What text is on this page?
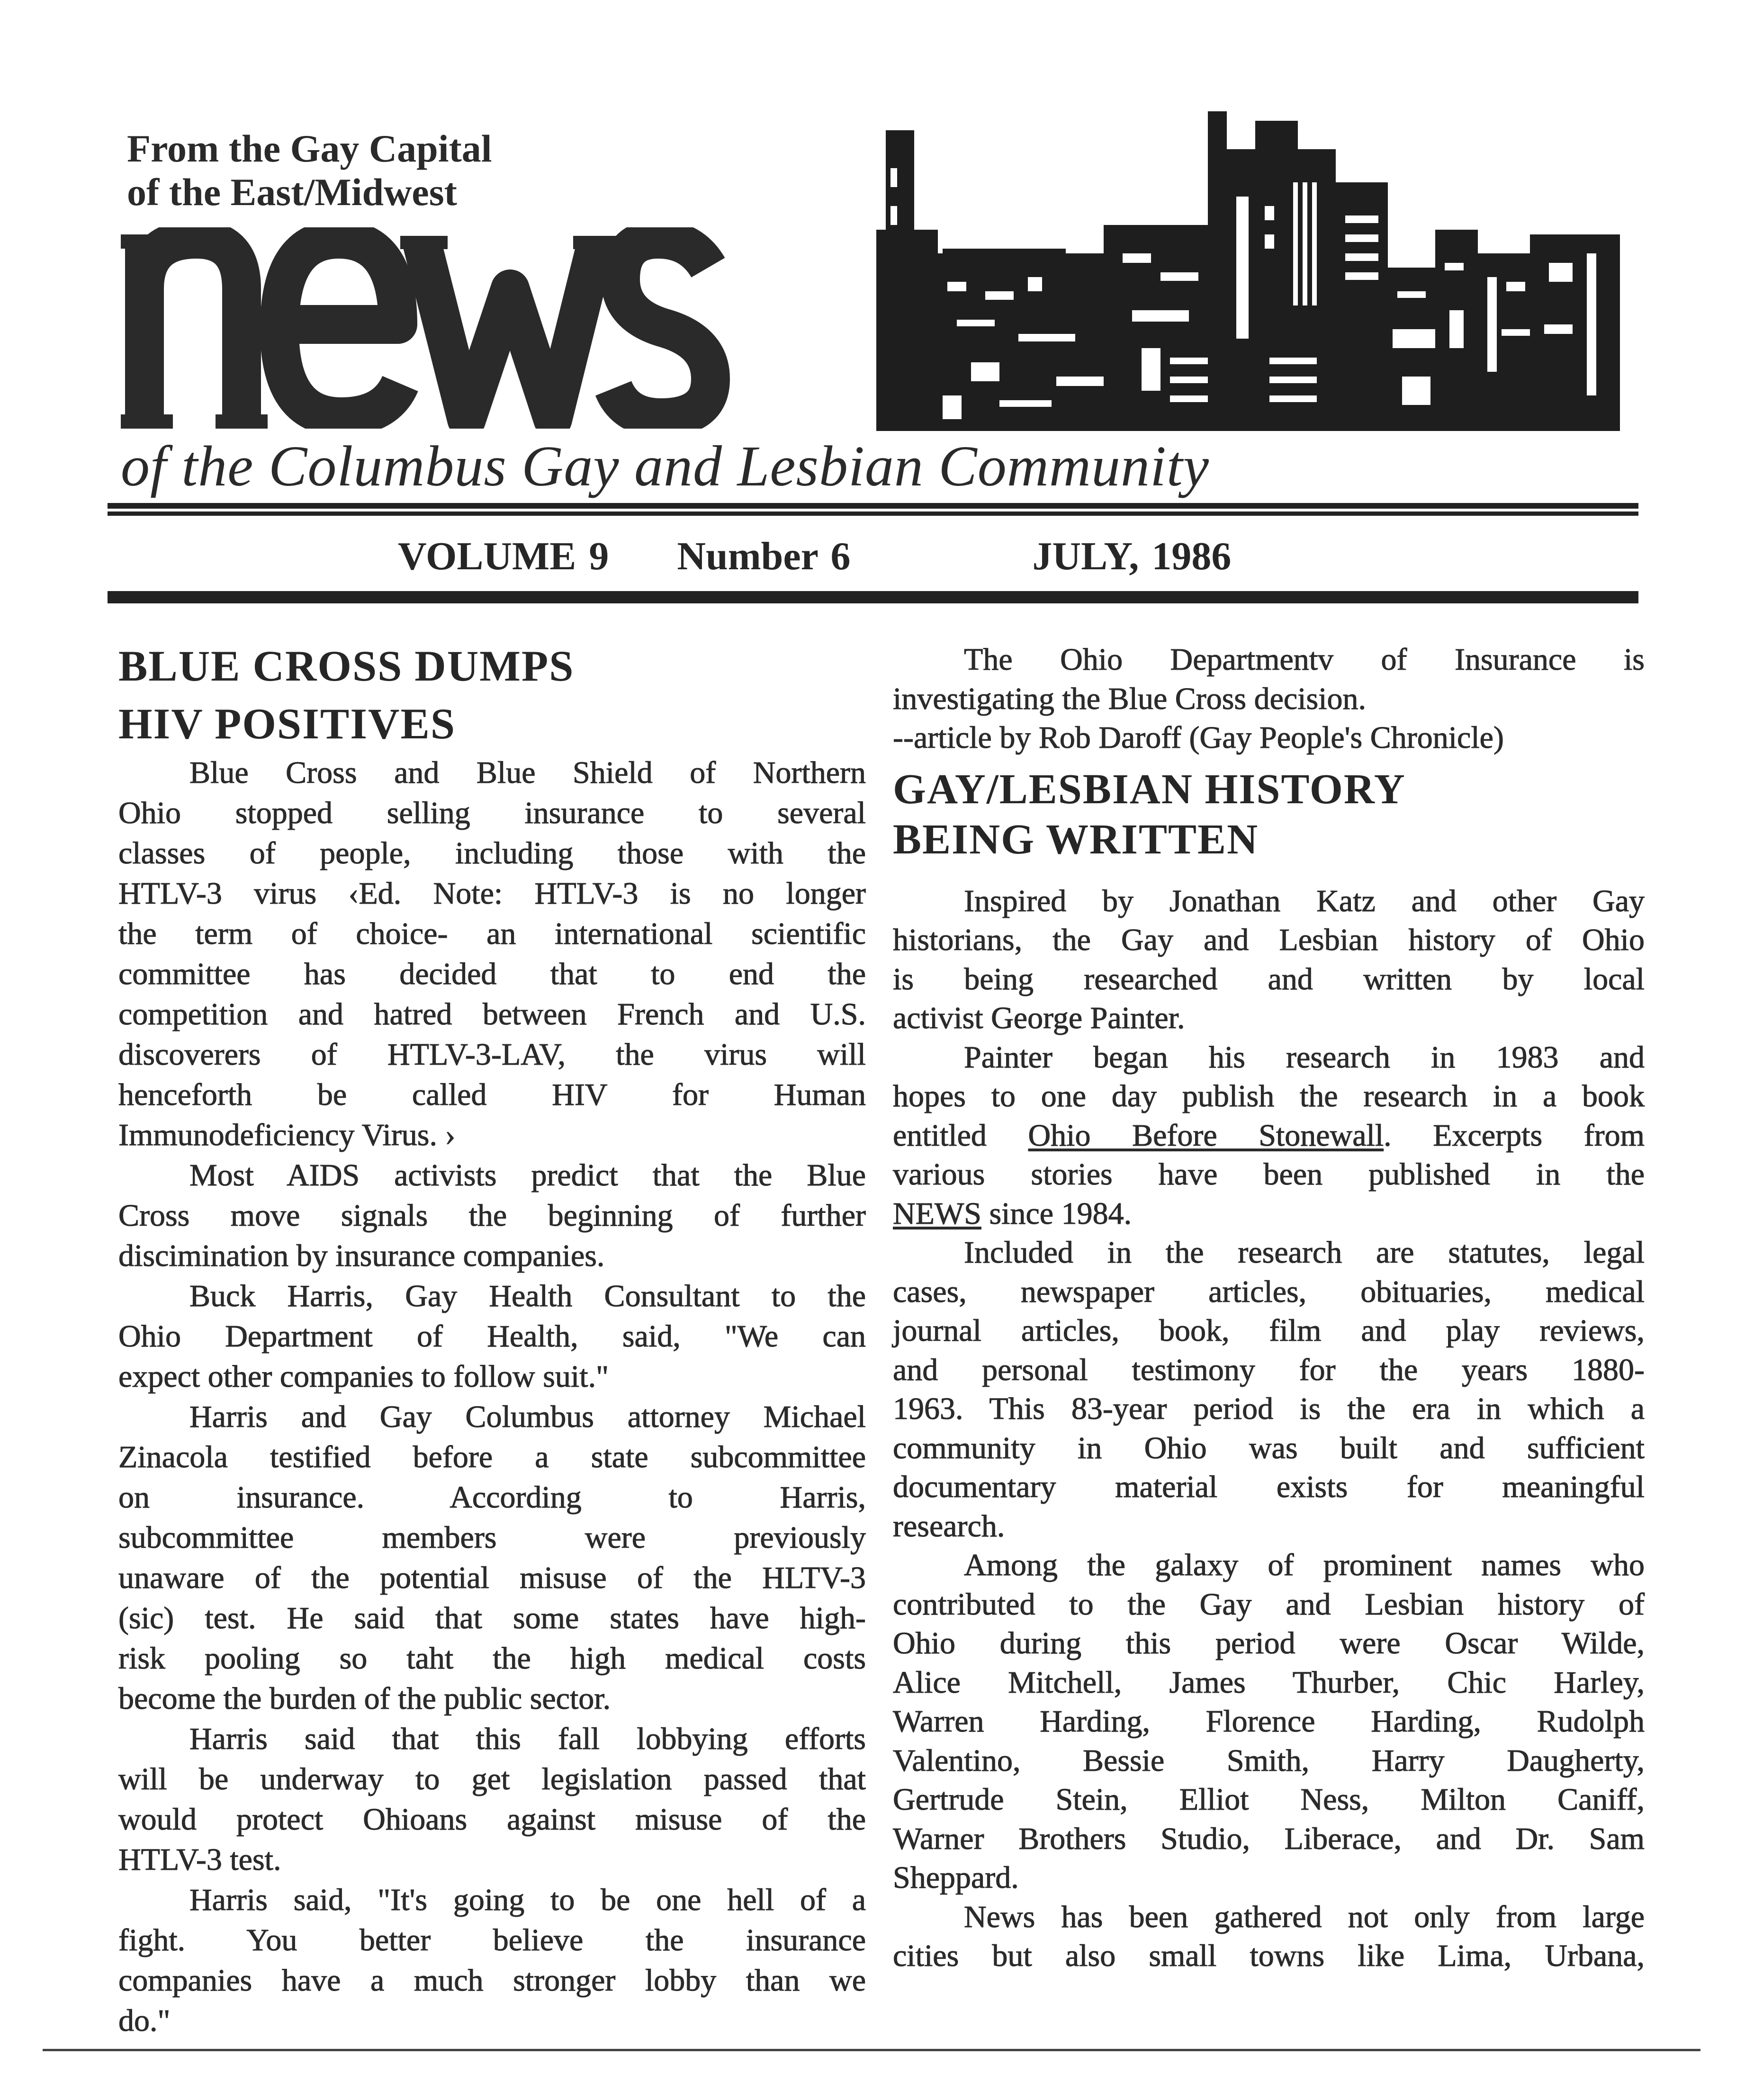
From the Gay Capital
of the East/Midwest
of the Columbus Gay and Lesbian Community
VOLUME 9 Number 6	JULY, 1986
BLUE CROSS DUMPS
HIV POSITIVES
Blue Cross and Blue Shield of Northern
Ohio stopped selling insurance to several
classes of people, including those with the
HTLV-3 virus ‹Ed. Note: HTLV-3 is no longer
the term of choice- an international scientific
committee has decided that to end the
competition and hatred between French and U.S.
discoverers of HTLV-3-LAV, the virus will
henceforth be called HIV for Human
Immunodeficiency Virus. ›
Most AIDS activists predict that the Blue
Cross move signals the beginning of further
discimination by insurance companies.
Buck Harris, Gay Health Consultant to the
Ohio Department of Health, said, "We can
expect other companies to follow suit."
Harris and Gay Columbus attorney Michael
Zinacola testified before a state subcommittee
on insurance. According to Harris,
subcommittee members were previously
unaware of the potential misuse of the HLTV-3
(sic) test. He said that some states have high-
risk pooling so taht the high medical costs
become the burden of the public sector.
Harris said that this fall lobbying efforts
will be underway to get legislation passed that
would protect Ohioans against misuse of the
HTLV-3 test.
Harris said, "It's going to be one hell of a
fight. You better believe the insurance
companies have a much stronger lobby than we
do."
The Ohio Departmentv of Insurance is
investigating the Blue Cross decision.
--article by Rob Daroff (Gay People's Chronicle)
GAY/LESBIAN HISTORY
BEING WRITTEN
Inspired by Jonathan Katz and other Gay
historians, the Gay and Lesbian history of Ohio
is being researched and written by local
activist George Painter.
Painter began his research in 1983 and
hopes to one day publish the research in a book
entitled Ohio Before Stonewall. Excerpts from
various stories have been published in the
NEWS since 1984.
Included in the research are statutes, legal
cases, newspaper articles, obituaries, medical
journal articles, book, film and play reviews,
and personal testimony for the years 1880-
1963. This 83-year period is the era in which a
community in Ohio was built and sufficient
documentary material exists for meaningful
research.
Among the galaxy of prominent names who
contributed to the Gay and Lesbian history of
Ohio during this period were Oscar Wilde,
Alice Mitchell, James Thurber, Chic Harley,
Warren Harding, Florence Harding, Rudolph
Valentino, Bessie Smith, Harry Daugherty,
Gertrude Stein, Elliot Ness, Milton Caniff,
Warner Brothers Studio, Liberace, and Dr. Sam
Sheppard.
News has been gathered not only from large
cities but also small towns like Lima, Urbana,
